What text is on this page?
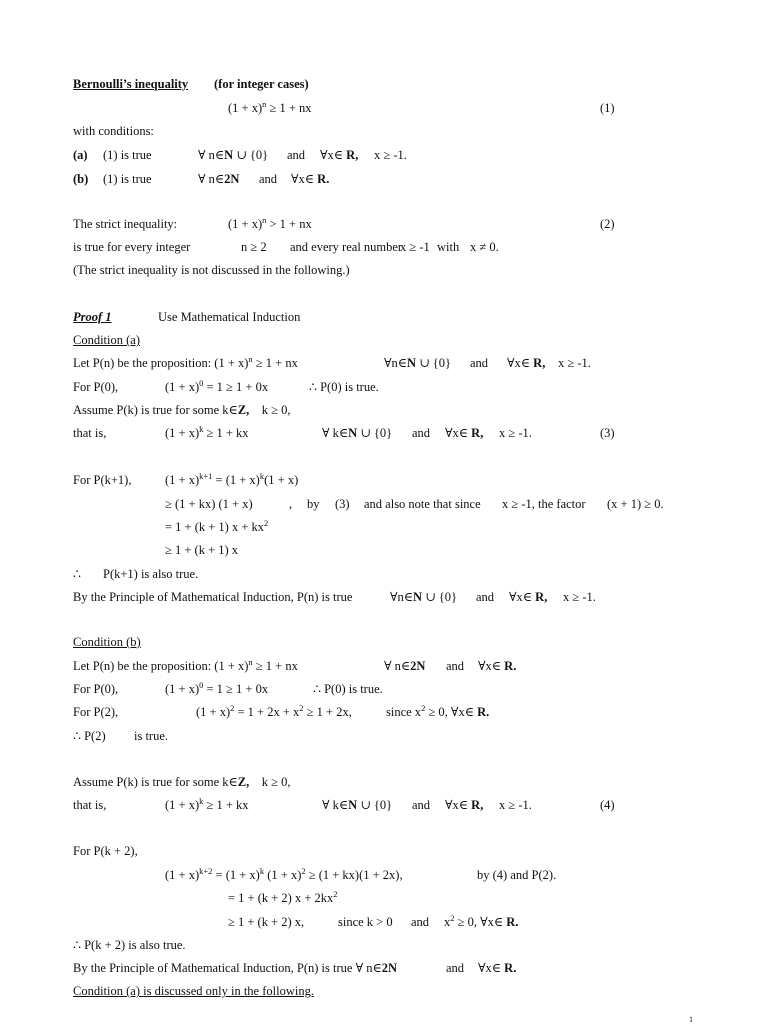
Bernoulli’s inequality (for integer cases)
$(1 + x)^n \ge 1$ + nx	(1)
with conditions:
(a) (1) is true	∀ n∈N ∪ {0} and ∀x∈ R, x ≥ -1.
(b) (1) is true	∀ n∈2N and ∀x∈ R.
The strict inequality:	$(1 + x)^n > 1$ + nx	(2)
is true for every integer	n ≥ 2 and every real number
x ≥ -1 with x ≠ 0.
(The strict inequality is not discussed in the following.)
Proof 1	Use Mathematical Induction
Condition (a)
Let P(n) be the proposition: $(1 + x)^n \ge 1$ + nx	∀n∈N ∪ {0} and ∀x∈ R, x ≥ -1.
For P(0),	$(1 + x)^0 = 1 \ge 1 + 0x$	∴ P(0) is true.
Assume P(k) is true for some k∈Z, k ≥ 0,
that is,	$(1 + x)^k \ge 1$ + kx	∀ k∈N ∪ {0} and ∀x∈ R, x ≥ -1.	(3)
For P(k+1),	$(1 + x)^{k+1} = (1 + x)^k(1 + x)$
≥ (1 + kx) (1 + x)	, by (3) and also note that since x ≥ -1, the factor (x + 1) ≥ 0.
= 1 + (k + 1) $x + kx^2$
≥ 1 + (k + 1) x
∴ P(k+1) is also true.
By the Principle of Mathematical Induction, P(n) is true	∀n∈N ∪ {0} and ∀x∈ R, x ≥ -1.
Condition (b)
Let P(n) be the proposition: $(1 + x)^n \ge 1$ + nx	∀ n∈2N and ∀x∈ R.
For P(0),	$(1 + x)^0 = 1 \ge 1 + 0x$	∴ P(0) is true.
For P(2),	$(1 + x)^2 = 1 + 2x + x^2 \ge 1 + 2x$,	since $x^2 \ge 0$, ∀x∈ R.
∴ P(2) is true.
Assume P(k) is true for some k∈Z, k ≥ 0,
that is,	$(1 + x)^k \ge 1$ + kx	∀ k∈N ∪ {0} and ∀x∈ R, x ≥ -1.	(4)
For P(k + 2),
$(1 + x)^{k+2} = (1 + x)^k$ $(1 + x)^2 \ge (1 + kx)(1 + 2x)$,	by (4) and P(2).
= 1 + (k + 2) $x + 2kx^2$
≥ 1 + (k + 2) x,	since k > 0 and $x^2 \ge 0$, ∀x∈ R.
∴ P(k + 2) is also true.
By the Principle of Mathematical Induction, P(n) is true ∀ n∈2N	and ∀x∈ R.
Condition (a) is discussed only in the following.
1
